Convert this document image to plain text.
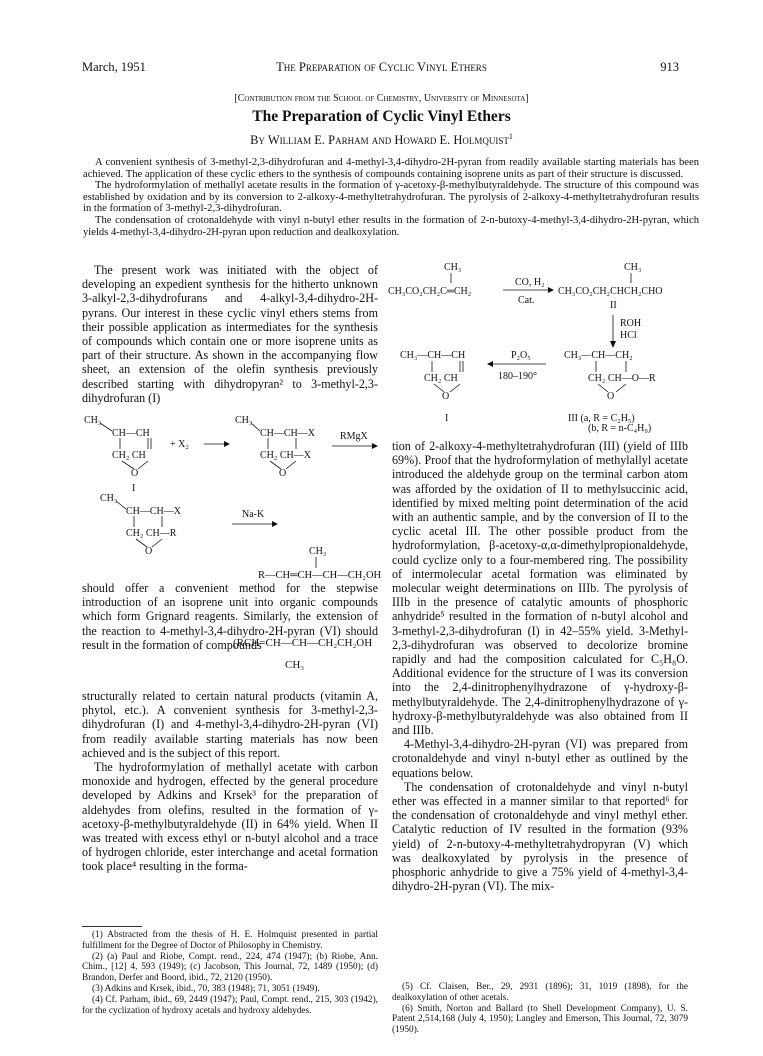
March, 1951	The Preparation of Cyclic Vinyl Ethers	913
[Contribution from the School of Chemistry, University of Minnesota]
The Preparation of Cyclic Vinyl Ethers
By William E. Parham and Howard E. Holmquist$^1$

A convenient synthesis of 3-methyl-2,3-dihydrofuran and 4-methyl-3,4-dihydro-2H-pyran from readily available starting materials has been achieved. The application of these cyclic ethers to the synthesis of compounds containing isoprene units as part of their structure is discussed.

The hydroformylation of methallyl acetate results in the formation of γ-acetoxy-β-methylbutyraldehyde. The structure of this compound was established by oxidation and by its conversion to 2-alkoxy-4-methyltetrahydrofuran. The pyrolysis of 2-alkoxy-4-methyltetrahydrofuran results in the formation of 3-methyl-2,3-dihydrofuran.

The condensation of crotonaldehyde with vinyl n-butyl ether results in the formation of 2-n-butoxy-4-methyl-3,4-dihydro-2H-pyran, which yields 4-methyl-3,4-dihydro-2H-pyran upon reduction and dealkoxylation.

The present work was initiated with the object of developing an expedient synthesis for the hitherto unknown 3-alkyl-2,3-dihydrofurans and 4-alkyl-3,4-dihydro-2H-pyrans. Our interest in these cyclic vinyl ethers stems from their possible application as intermediates for the synthesis of compounds which contain one or more isoprene units as part of their structure. As shown in the accompanying flow sheet, an extension of the olefin synthesis previously described starting with dihydropyran² to 3-methyl-2,3-dihydrofuran (I)

CH₃
CH—CH
CH₂ CH
O
I
+ X₂
CH₃
CH—CH—X
CH₂ CH—X
O
RMgX
CH₃
CH—CH—X
CH₂ CH—R
O
Na-K
CH₃
R—CH═CH—CH—CH₂OH

should offer a convenient method for the stepwise introduction of an isoprene unit into organic compounds which form Grignard reagents. Similarly, the extension of the reaction to 4-methyl-3,4-dihydro-2H-pyran (VI) should result in the formation of compounds

(RCH=CH—CH—CH₂CH₂OH
CH₃

structurally related to certain natural products (vitamin A, phytol, etc.). A convenient synthesis for 3-methyl-2,3-dihydrofuran (I) and 4-methyl-3,4-dihydro-2H-pyran (VI) from readily available starting materials has now been achieved and is the subject of this report.

The hydroformylation of methallyl acetate with carbon monoxide and hydrogen, effected by the general procedure developed by Adkins and Krsek³ for the preparation of aldehydes from olefins, resulted in the formation of γ-acetoxy-β-methylbutyraldehyde (II) in 64% yield. When II was treated with excess ethyl or n-butyl alcohol and a trace of hydrogen chloride, ester interchange and acetal formation took place⁴ resulting in the forma-

(1) Abstracted from the thesis of H. E. Holmquist presented in partial fulfillment for the Degree of Doctor of Philosophy in Chemistry.

(2) (a) Paul and Riobe, Compt. rend., 224, 474 (1947); (b) Riobe, Ann. Chim., [12] 4, 593 (1949); (c) Jacobson, This Journal, 72, 1489 (1950); (d) Brandon, Derfer and Boord, ibid., 72, 2120 (1950).

(3) Adkins and Krsek, ibid., 70, 383 (1948); 71, 3051 (1949).

(4) Cf. Parham, ibid., 69, 2449 (1947); Paul, Compt. rend., 215, 303 (1942), for the cyclization of hydroxy acetals and hydroxy aldehydes.

CH₃
CH₃CO₂CH₂C═CH₂
CO, H₂
Cat.
CH₃
CH₃CO₂CH₂CHCH₂CHO
II
ROH
HCl
CH₃—CH—CH
CH₂ CH
O
I
P₂O₅
180–190°
CH₃—CH—CH₂
CH₂ CH—O—R
O
III (a, R = C₂H₅)
(b, R = n-C₄H₉)

tion of 2-alkoxy-4-methyltetrahydrofuran (III) (yield of IIIb 69%). Proof that the hydroformylation of methylallyl acetate introduced the aldehyde group on the terminal carbon atom was afforded by the oxidation of II to methylsuccinic acid, identified by mixed melting point determination of the acid with an authentic sample, and by the conversion of II to the cyclic acetal III. The other possible product from the hydroformylation, β-acetoxy-α,α-dimethylpropionaldehyde, could cyclize only to a four-membered ring. The possibility of intermolecular acetal formation was eliminated by molecular weight determinations on IIIb. The pyrolysis of IIIb in the presence of catalytic amounts of phosphoric anhydride⁵ resulted in the formation of n-butyl alcohol and 3-methyl-2,3-dihydrofuran (I) in 42–55% yield. 3-Methyl-2,3-dihydrofuran was observed to decolorize bromine rapidly and had the composition calculated for C₅H₈O. Additional evidence for the structure of I was its conversion into the 2,4-dinitrophenylhydrazone of γ-hydroxy-β-methylbutyraldehyde. The 2,4-dinitrophenylhydrazone of γ-hydroxy-β-methylbutyraldehyde was also obtained from II and IIIb.

4-Methyl-3,4-dihydro-2H-pyran (VI) was prepared from crotonaldehyde and vinyl n-butyl ether as outlined by the equations below.

The condensation of crotonaldehyde and vinyl n-butyl ether was effected in a manner similar to that reported⁶ for the condensation of crotonaldehyde and vinyl methyl ether. Catalytic reduction of IV resulted in the formation (93% yield) of 2-n-butoxy-4-methyltetrahydropyran (V) which was dealkoxylated by pyrolysis in the presence of phosphoric anhydride to give a 75% yield of 4-methyl-3,4-dihydro-2H-pyran (VI). The mix-

(5) Cf. Claisen, Ber., 29, 2931 (1896); 31, 1019 (1898), for the dealkoxylation of other acetals.

(6) Smith, Norton and Ballard (to Shell Development Company), U. S. Patent 2,514,168 (July 4, 1950); Langley and Emerson, This Journal, 72, 3079 (1950).
